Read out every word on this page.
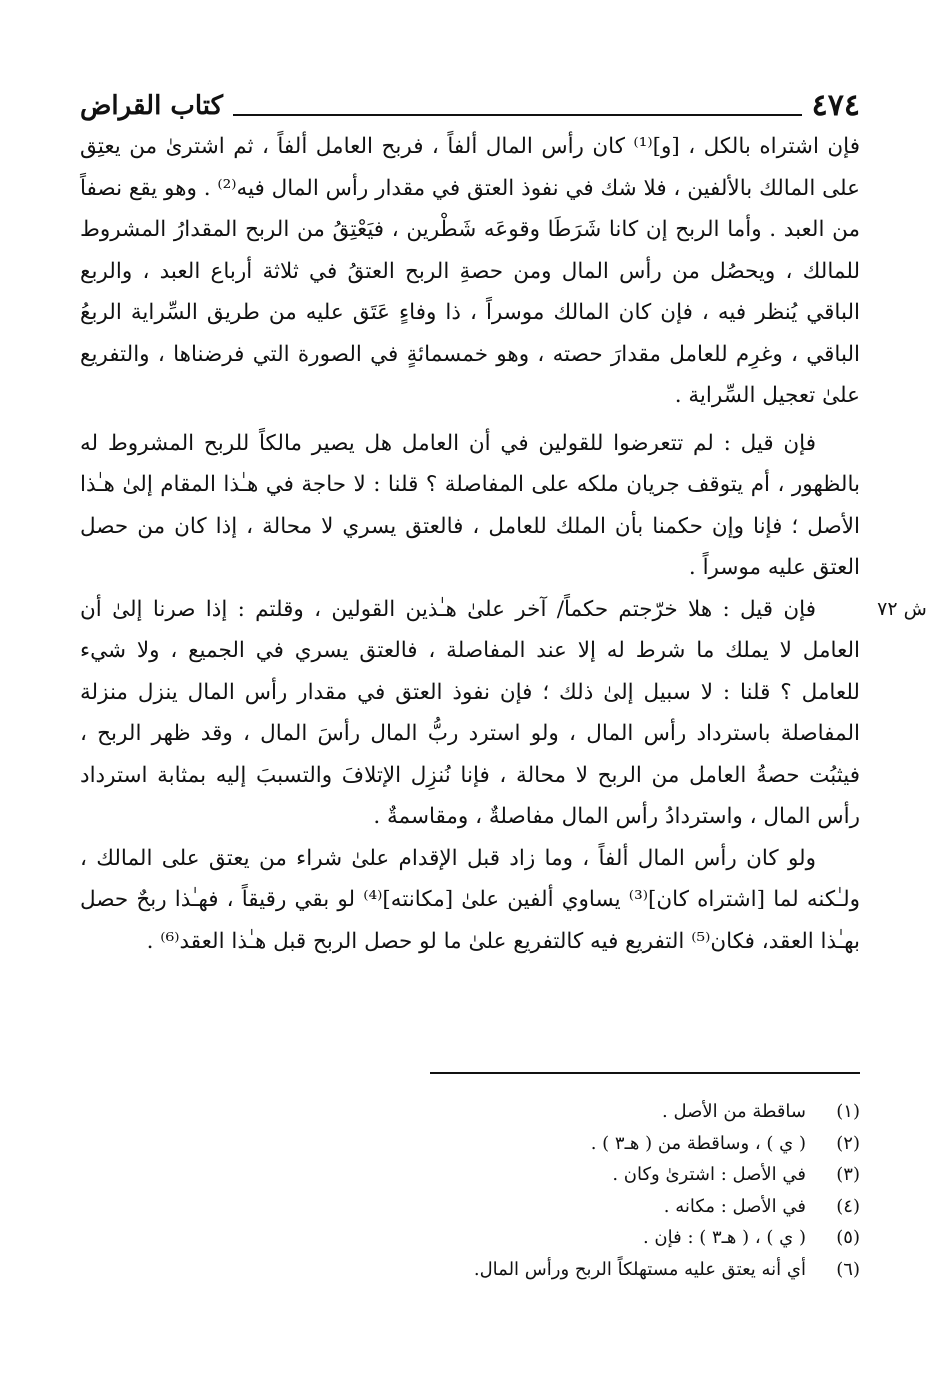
٤٧٤
كتاب القراض

فإن اشتراه بالكل ، [و]⁽¹⁾ كان رأس المال ألفاً ، فربح العامل ألفاً ، ثم اشترىٰ من يعتِق على المالك بالألفين ، فلا شك في نفوذ العتق في مقدار رأس المال فيه⁽²⁾ . وهو يقع نصفاً من العبد . وأما الربح إن كانا شَرَطَا وقوعَه شَطْرين ، فيَعْتِقُ من الربح المقدارُ المشروط للمالك ، ويحصُل من رأس المال ومن حصةِ الربح العتقُ في ثلاثة أرباع العبد ، والربع الباقي يُنظر فيه ، فإن كان المالك موسراً ، ذا وفاءٍ عَتَق عليه من طريق السِّراية الربعُ الباقي ، وغرِم للعامل مقدارَ حصته ، وهو خمسمائةٍ في الصورة التي فرضناها ، والتفريع علىٰ تعجيل السِّراية .

فإن قيل : لم تتعرضوا للقولين في أن العامل هل يصير مالكاً للربح المشروط له بالظهور ، أم يتوقف جريان ملكه على المفاصلة ؟ قلنا : لا حاجة في هـٰذا المقام إلىٰ هـٰذا الأصل ؛ فإنا وإن حكمنا بأن الملك للعامل ، فالعتق يسري لا محالة ، إذا كان من حصل العتق عليه موسراً .

ش ٧٢

فإن قيل : هلا خرّجتم حكماً/ آخر علىٰ هـٰذين القولين ، وقلتم : إذا صرنا إلىٰ أن العامل لا يملك ما شرط له إلا عند المفاصلة ، فالعتق يسري في الجميع ، ولا شيء للعامل ؟ قلنا : لا سبيل إلىٰ ذلك ؛ فإن نفوذ العتق في مقدار رأس المال ينزل منزلة المفاصلة باسترداد رأس المال ، ولو استرد ربُّ المال رأسَ المال ، وقد ظهر الربح ، فيثبُت حصةُ العامل من الربح لا محالة ، فإنا نُنزِل الإتلافَ والتسببَ إليه بمثابة استرداد رأس المال ، واستردادُ رأس المال مفاصلةٌ ، ومقاسمةٌ .

ولو كان رأس المال ألفاً ، وما زاد قبل الإقدام علىٰ شراء من يعتق على المالك ، ولـٰكنه لما [اشتراه كان]⁽³⁾ يساوي ألفين علىٰ [مكانته]⁽⁴⁾ لو بقي رقيقاً ، فهـٰذا ربحٌ حصل بهـٰذا العقد، فكان⁽⁵⁾ التفريع فيه كالتفريع علىٰ ما لو حصل الربح قبل هـٰذا العقد⁽⁶⁾ .

(١)
ساقطة من الأصل .
(٢)
( ي ) ، وساقطة من ( هـ٣ ) .
(٣)
في الأصل : اشترىٰ وكان .
(٤)
في الأصل : مكانه .
(٥)
( ي ) ، ( هـ٣ ) : فإن .
(٦)
أي أنه يعتق عليه مستهلكاً الربح ورأس المال.
